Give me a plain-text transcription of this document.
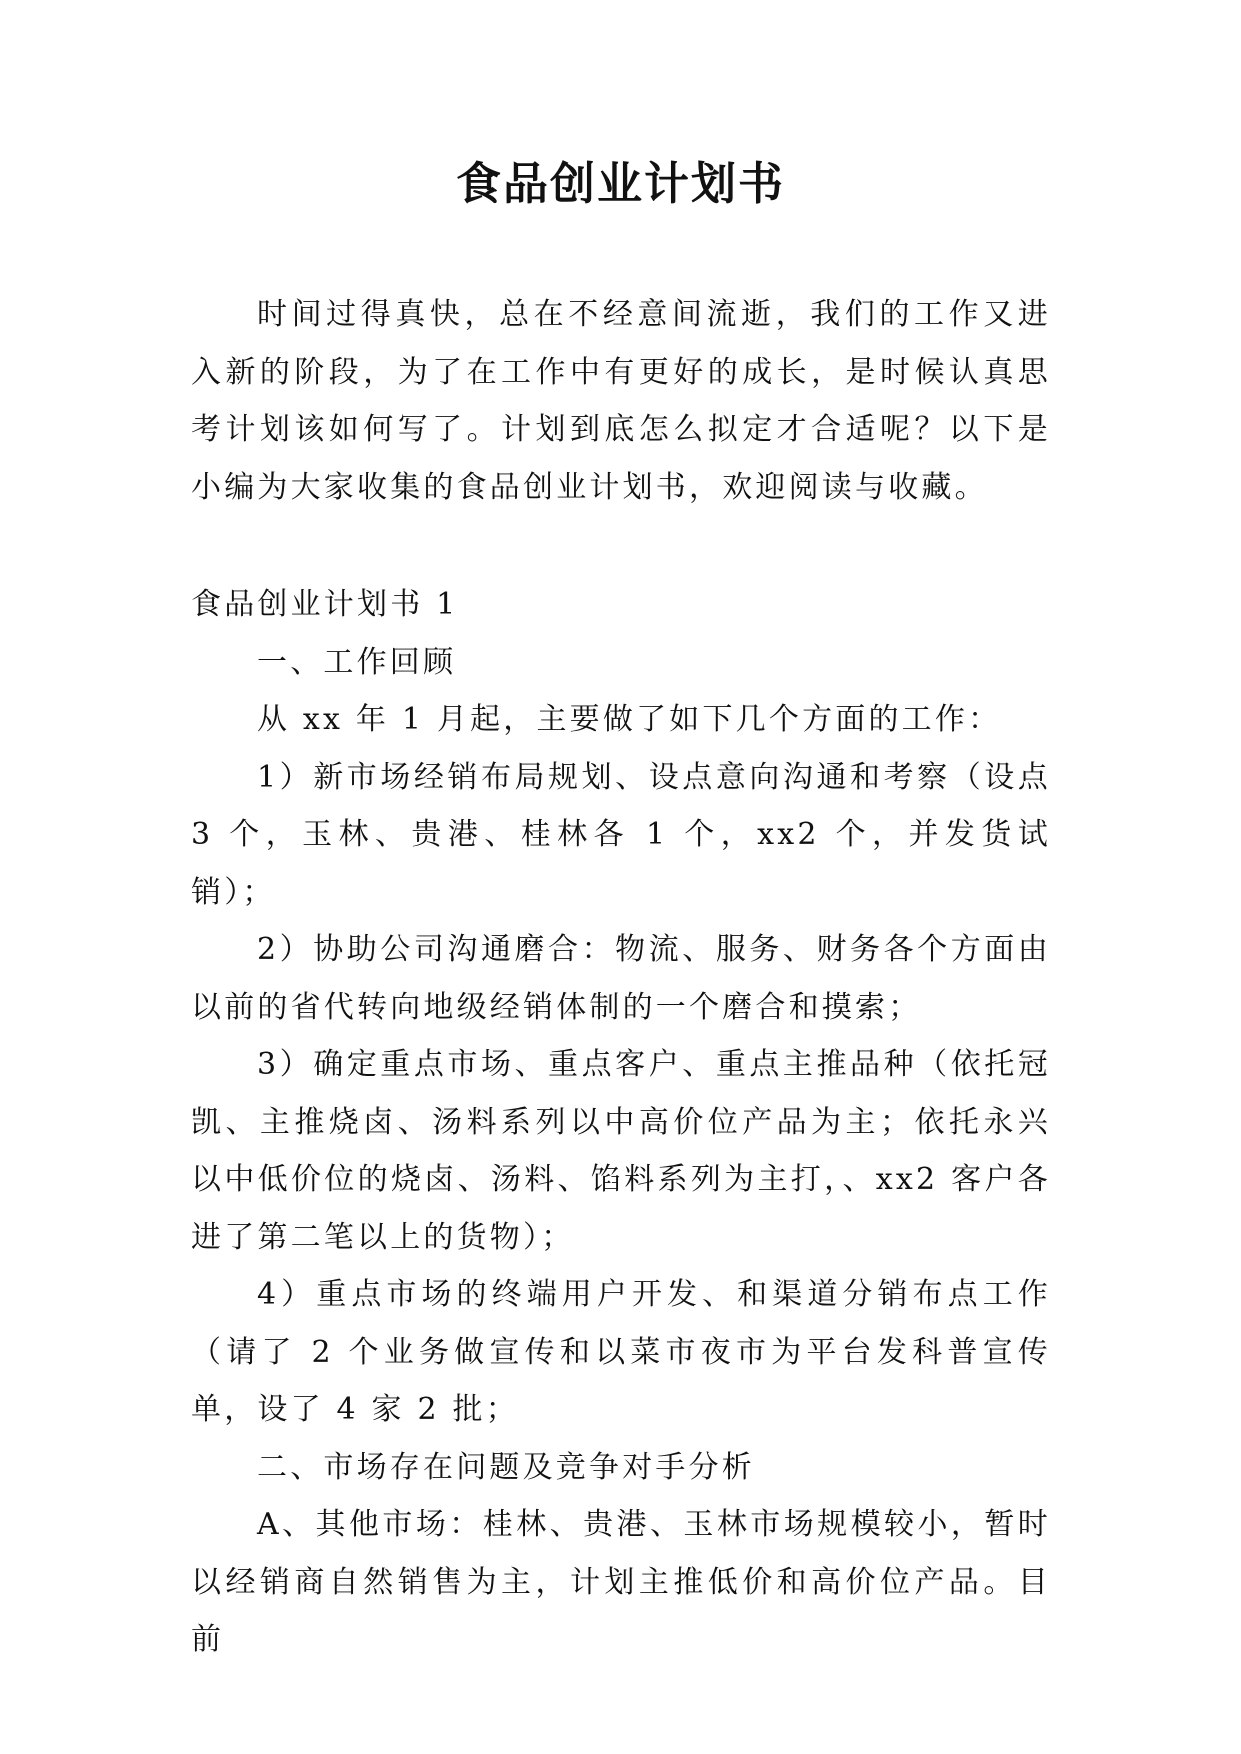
食品创业计划书
时间过得真快，总在不经意间流逝，我们的工作又进入新的阶段，为了在工作中有更好的成长，是时候认真思考计划该如何写了。计划到底怎么拟定才合适呢？以下是小编为大家收集的食品创业计划书，欢迎阅读与收藏。

食品创业计划书 1

一、工作回顾

从 xx 年 1 月起，主要做了如下几个方面的工作：

1）新市场经销布局规划、设点意向沟通和考察（设点 3 个，玉林、贵港、桂林各 1 个，xx2 个，并发货试销）；

2）协助公司沟通磨合：物流、服务、财务各个方面由以前的省代转向地级经销体制的一个磨合和摸索；

3）确定重点市场、重点客户、重点主推品种（依托冠凯、主推烧卤、汤料系列以中高价位产品为主；依托永兴以中低价位的烧卤、汤料、馅料系列为主打，、xx2 客户各进了第二笔以上的货物）；

4）重点市场的终端用户开发、和渠道分销布点工作（请了 2 个业务做宣传和以菜市夜市为平台发科普宣传单，设了 4 家 2 批；

二、市场存在问题及竞争对手分析

A、其他市场：桂林、贵港、玉林市场规模较小，暂时以经销商自然销售为主，计划主推低价和高价位产品。目前
